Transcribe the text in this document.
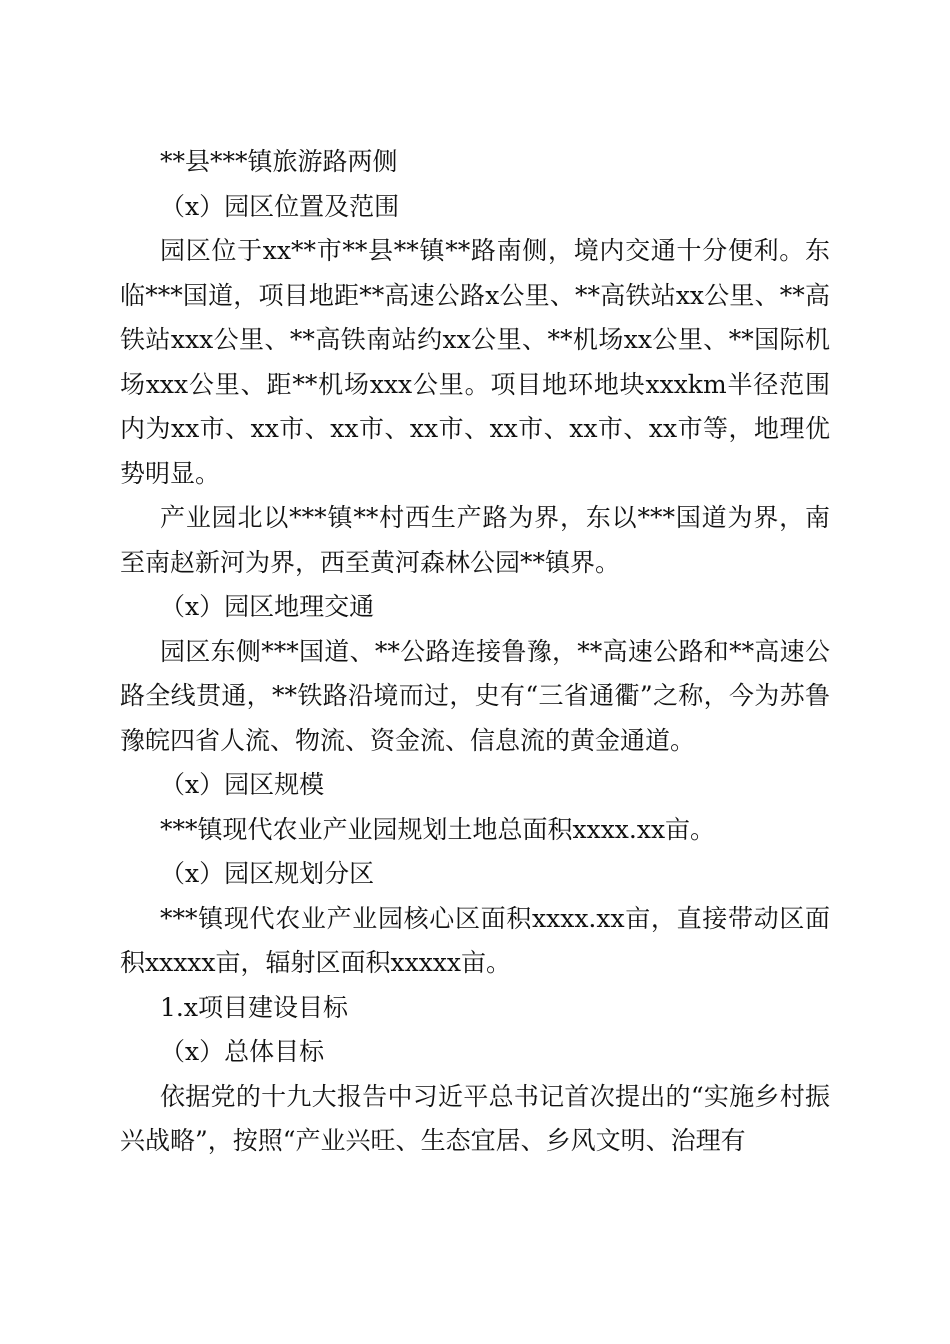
**县***镇旅游路两侧

（x）园区位置及范围

园区位于xx**市**县**镇**路南侧，境内交通十分便利。东临***国道，项目地距**高速公路x公里、**高铁站xx公里、**高铁站xxx公里、**高铁南站约xx公里、**机场xx公里、**国际机场xxx公里、距**机场xxx公里。项目地环地块xxxkm半径范围内为xx市、xx市、xx市、xx市、xx市、xx市、xx市等，地理优势明显。

产业园北以***镇**村西生产路为界，东以***国道为界，南至南赵新河为界，西至黄河森林公园**镇界。

（x）园区地理交通

园区东侧***国道、**公路连接鲁豫，**高速公路和**高速公路全线贯通，**铁路沿境而过，史有“三省通衢”之称，今为苏鲁豫皖四省人流、物流、资金流、信息流的黄金通道。

（x）园区规模

***镇现代农业产业园规划土地总面积xxxx.xx亩。

（x）园区规划分区

***镇现代农业产业园核心区面积xxxx.xx亩，直接带动区面积xxxxx亩，辐射区面积xxxxx亩。

1.x项目建设目标

（x）总体目标

依据党的十九大报告中习近平总书记首次提出的“实施乡村振兴战略”，按照“产业兴旺、生态宜居、乡风文明、治理有
